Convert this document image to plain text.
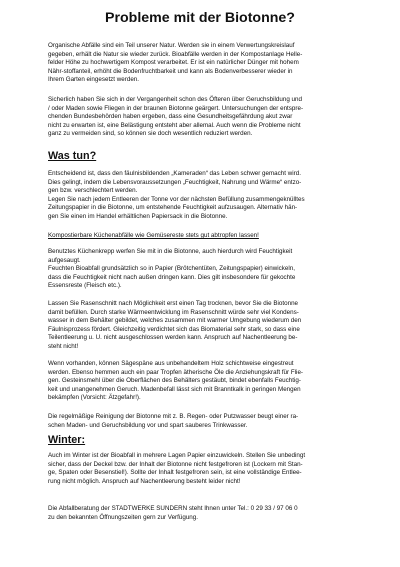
Probleme mit der Biotonne?

Organische Abfälle sind ein Teil unserer Natur. Werden sie in einem Verwertungskreislauf
gegeben, erhält die Natur sie wieder zurück. Bioabfälle werden in der Kompostanlage Helle-
felder Höhe zu hochwertigem Kompost verarbeitet. Er ist ein natürlicher Dünger mit hohem
Nähr-stoffanteil, erhöht die Bodenfruchtbarkeit und kann als Bodenverbesserer wieder in
Ihrem Garten eingesetzt werden.

Sicherlich haben Sie sich in der Vergangenheit schon des Öfteren über Geruchsbildung und
/ oder Maden sowie Fliegen in der braunen Biotonne geärgert. Untersuchungen der entspre-
chenden Bundesbehörden haben ergeben, dass eine Gesundheitsgefährdung akut zwar
nicht zu erwarten ist, eine Belästigung entsteht aber allemal. Auch wenn die Probleme nicht
ganz zu vermeiden sind, so können sie doch wesentlich reduziert werden.

Was tun?

Entscheidend ist, dass den fäulnisbildenden „Kameraden“ das Leben schwer gemacht wird.
Dies gelingt, indem die Lebensvoraussetzungen „Feuchtigkeit, Nahrung und Wärme“ entzo-
gen bzw. verschlechtert werden.
Legen Sie nach jedem Entleeren der Tonne vor der nächsten Befüllung zusammengeknülltes
Zeitungspapier in die Biotonne, um entstehende Feuchtigkeit aufzusaugen. Alternativ hän-
gen Sie einen im Handel erhältlichen Papiersack in die Biotonne.

Kompostierbare Küchenabfälle wie Gemüsereste stets gut abtropfen lassen!

Benutztes Küchenkrepp werfen Sie mit in die Biotonne, auch hierdurch wird Feuchtigkeit
aufgesaugt.
Feuchten Bioabfall grundsätzlich so in Papier (Brötchentüten, Zeitungspapier) einwickeln,
dass die Feuchtigkeit nicht nach außen dringen kann. Dies gilt insbesondere für gekochte
Essensreste (Fleisch etc.).

Lassen Sie Rasenschnitt nach Möglichkeit erst einen Tag trocknen, bevor Sie die Biotonne
damit befüllen. Durch starke Wärmeentwicklung im Rasenschnitt würde sehr viel Kondens-
wasser in dem Behälter gebildet, welches zusammen mit warmer Umgebung wiederum den
Fäulnisprozess fördert. Gleichzeitig verdichtet sich das Biomaterial sehr stark, so dass eine
Teilentleerung u. U. nicht ausgeschlossen werden kann. Anspruch auf Nachentleerung be-
steht nicht!

Wenn vorhanden, können Sägespäne aus unbehandeltem Holz schichtweise eingestreut
werden. Ebenso hemmen auch ein paar Tropfen ätherische Öle die Anziehungskraft für Flie-
gen. Gesteinsmehl über die Oberflächen des Behälters gestäubt, bindet ebenfalls Feuchtig-
keit und unangenehmen Geruch. Madenbefall lässt sich mit Branntkalk in geringen Mengen
bekämpfen (Vorsicht: Ätzgefahr!).

Die regelmäßige Reinigung der Biotonne mit z. B. Regen- oder Putzwasser beugt einer ra-
schen Maden- und Geruchsbildung vor und spart sauberes Trinkwasser.

Winter:

Auch im Winter ist der Bioabfall in mehrere Lagen Papier einzuwickeln. Stellen Sie unbedingt
sicher, dass der Deckel bzw. der Inhalt der Biotonne nicht festgefroren ist (Lockern mit Stan-
ge, Spaten oder Besenstiel!). Sollte der Inhalt festgefroren sein, ist eine vollständige Entlee-
rung nicht möglich. Anspruch auf Nachentleerung besteht leider nicht!

Die Abfallberatung der STADTWERKE SUNDERN steht Ihnen unter Tel.: 0 29 33 / 97 06 0
zu den bekannten Öffnungszeiten gern zur Verfügung.
